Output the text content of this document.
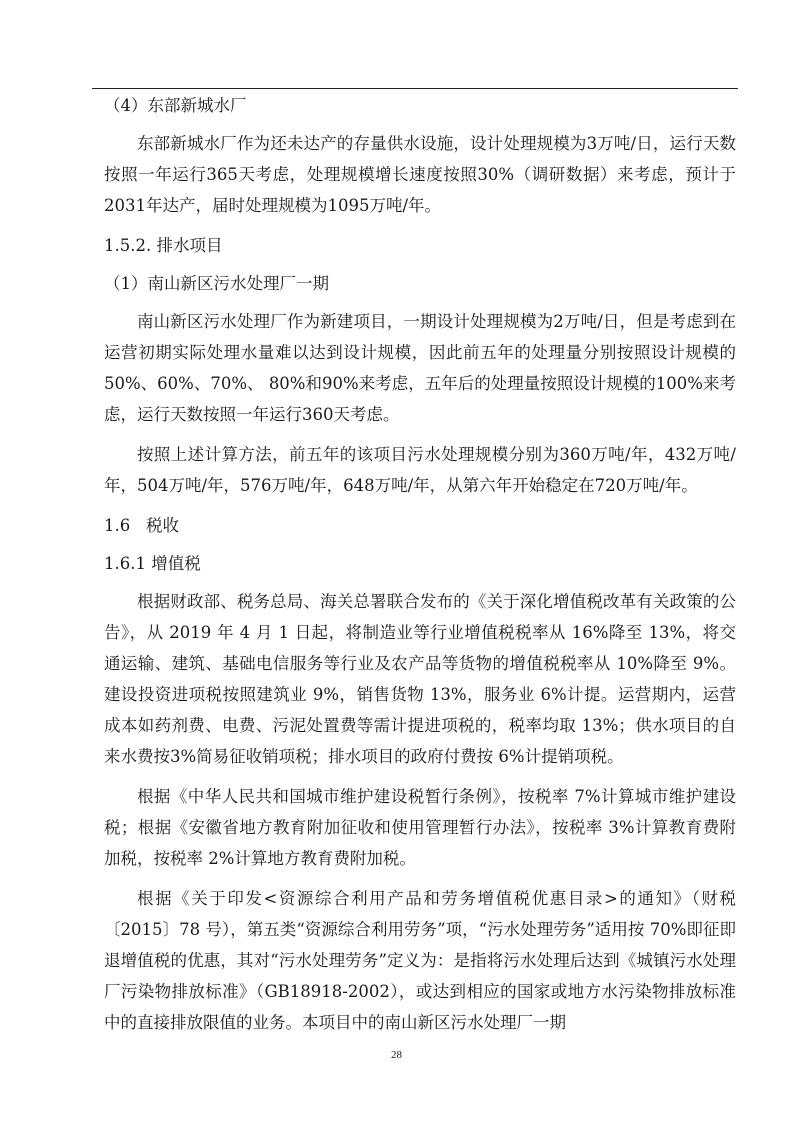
（4）东部新城水厂

东部新城水厂作为还未达产的存量供水设施，设计处理规模为3万吨/日，运行天数按照一年运行365天考虑，处理规模增长速度按照30%（调研数据）来考虑，预计于2031年达产，届时处理规模为1095万吨/年。

1.5.2. 排水项目

（1）南山新区污水处理厂一期

南山新区污水处理厂作为新建项目，一期设计处理规模为2万吨/日，但是考虑到在运营初期实际处理水量难以达到设计规模，因此前五年的处理量分别按照设计规模的50%、60%、70%、 80%和90%来考虑，五年后的处理量按照设计规模的100%来考虑，运行天数按照一年运行360天考虑。

按照上述计算方法，前五年的该项目污水处理规模分别为360万吨/年，432万吨/年，504万吨/年，576万吨/年，648万吨/年，从第六年开始稳定在720万吨/年。

1.6   税收

1.6.1 增值税

根据财政部、税务总局、海关总署联合发布的《关于深化增值税改革有关政策的公告》，从 2019 年 4 月 1 日起，将制造业等行业增值税税率从 16%降至 13%，将交通运输、建筑、基础电信服务等行业及农产品等货物的增值税税率从 10%降至 9%。建设投资进项税按照建筑业 9%，销售货物 13%，服务业 6%计提。运营期内，运营成本如药剂费、电费、污泥处置费等需计提进项税的，税率均取 13%；供水项目的自来水费按3%简易征收销项税；排水项目的政府付费按 6%计提销项税。

根据《中华人民共和国城市维护建设税暂行条例》，按税率 7%计算城市维护建设税；根据《安徽省地方教育附加征收和使用管理暂行办法》，按税率 3%计算教育费附加税，按税率 2%计算地方教育费附加税。

根据《关于印发<资源综合利用产品和劳务增值税优惠目录>的通知》（财税〔2015〕78 号），第五类“资源综合利用劳务”项，“污水处理劳务”适用按 70%即征即退增值税的优惠，其对“污水处理劳务”定义为：是指将污水处理后达到《城镇污水处理厂污染物排放标准》（GB18918-2002），或达到相应的国家或地方水污染物排放标准中的直接排放限值的业务。本项目中的南山新区污水处理厂一期

28
